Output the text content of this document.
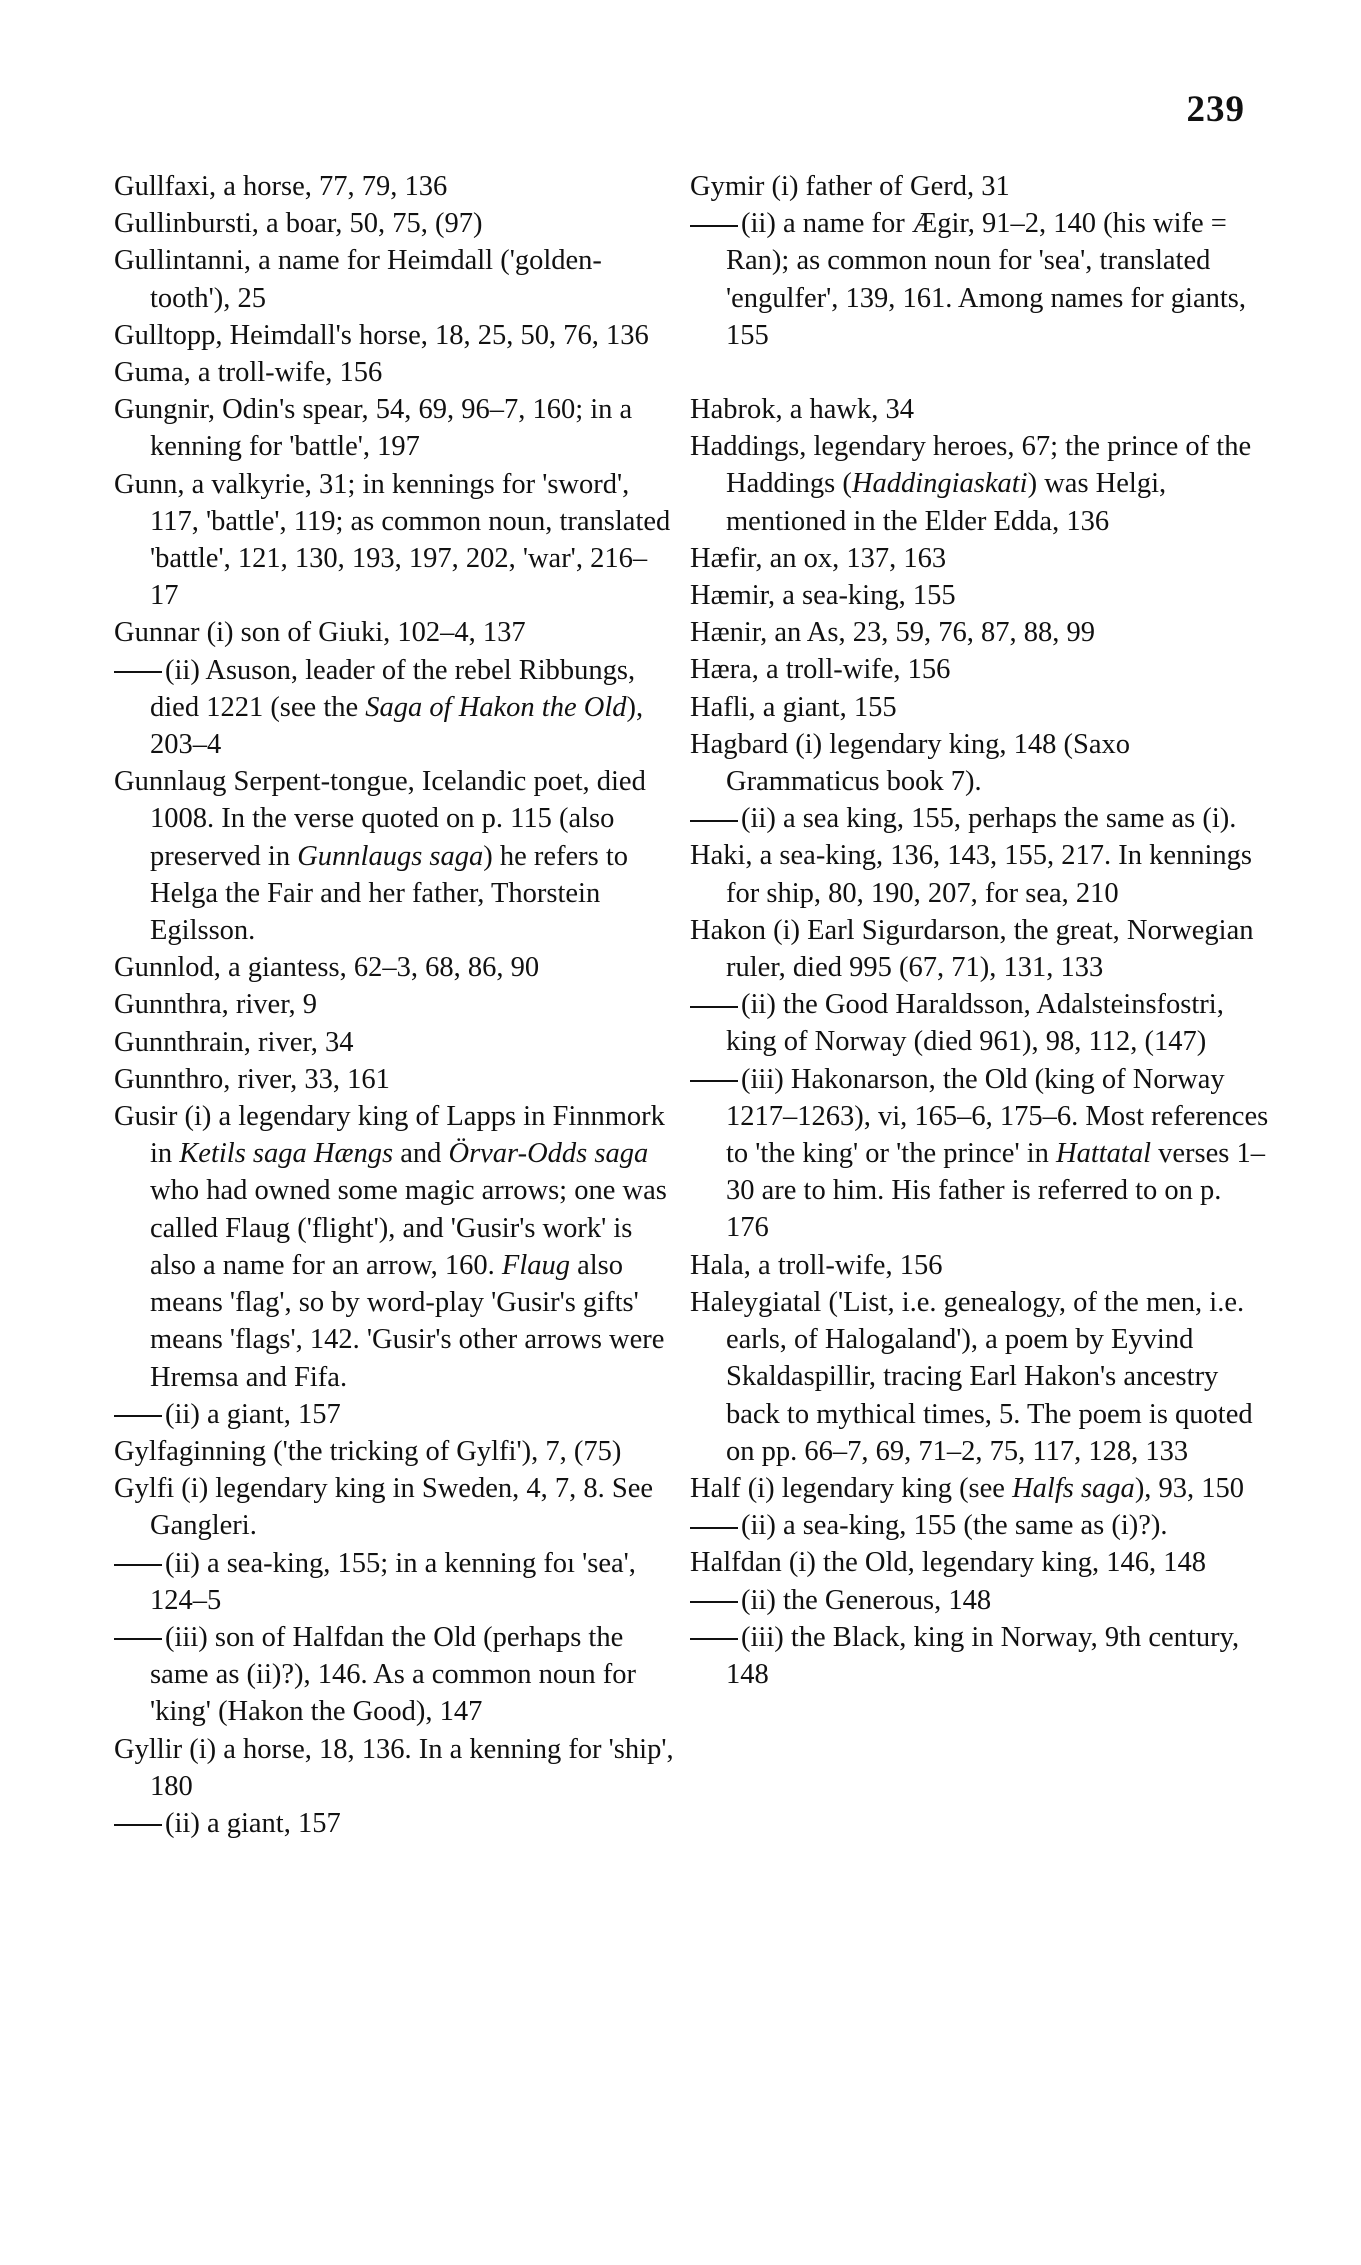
239
Gullfaxi, a horse, 77, 79, 136
Gullinbursti, a boar, 50, 75, (97)
Gullintanni, a name for Heimdall ('golden-tooth'), 25
Gulltopp, Heimdall's horse, 18, 25, 50, 76, 136
Guma, a troll-wife, 156
Gungnir, Odin's spear, 54, 69, 96–7, 160; in a kenning for 'battle', 197
Gunn, a valkyrie, 31; in kennings for 'sword', 117, 'battle', 119; as common noun, translated 'battle', 121, 130, 193, 197, 202, 'war', 216–17
Gunnar (i) son of Giuki, 102–4, 137
(ii) Asuson, leader of the rebel Ribbungs, died 1221 (see the Saga of Hakon the Old), 203–4
Gunnlaug Serpent-tongue, Icelandic poet, died 1008. In the verse quoted on p. 115 (also preserved in Gunnlaugs saga) he refers to Helga the Fair and her father, Thorstein Egilsson.
Gunnlod, a giantess, 62–3, 68, 86, 90
Gunnthra, river, 9
Gunnthrain, river, 34
Gunnthro, river, 33, 161
Gusir (i) a legendary king of Lapps in Finnmork in Ketils saga Hængs and Örvar-Odds saga who had owned some magic arrows; one was called Flaug ('flight'), and 'Gusir's work' is also a name for an arrow, 160. Flaug also means 'flag', so by word-play 'Gusir's gifts' means 'flags', 142. 'Gusir's other arrows were Hremsa and Fifa.
(ii) a giant, 157
Gylfaginning ('the tricking of Gylfi'), 7, (75)
Gylfi (i) legendary king in Sweden, 4, 7, 8. See Gangleri.
(ii) a sea-king, 155; in a kenning foı 'sea', 124–5
(iii) son of Halfdan the Old (perhaps the same as (ii)?), 146. As a common noun for 'king' (Hakon the Good), 147
Gyllir (i) a horse, 18, 136. In a kenning for 'ship', 180
(ii) a giant, 157
Gymir (i) father of Gerd, 31
(ii) a name for Ægir, 91–2, 140 (his wife = Ran); as common noun for 'sea', translated 'engulfer', 139, 161. Among names for giants, 155
Habrok, a hawk, 34
Haddings, legendary heroes, 67; the prince of the Haddings (Haddingiaskati) was Helgi, mentioned in the Elder Edda, 136
Hæfir, an ox, 137, 163
Hæmir, a sea-king, 155
Hænir, an As, 23, 59, 76, 87, 88, 99
Hæra, a troll-wife, 156
Hafli, a giant, 155
Hagbard (i) legendary king, 148 (Saxo Grammaticus book 7).
(ii) a sea king, 155, perhaps the same as (i).
Haki, a sea-king, 136, 143, 155, 217. In kennings for ship, 80, 190, 207, for sea, 210
Hakon (i) Earl Sigurdarson, the great, Norwegian ruler, died 995 (67, 71), 131, 133
(ii) the Good Haraldsson, Adalsteinsfostri, king of Norway (died 961), 98, 112, (147)
(iii) Hakonarson, the Old (king of Norway 1217–1263), vi, 165–6, 175–6. Most references to 'the king' or 'the prince' in Hattatal verses 1–30 are to him. His father is referred to on p. 176
Hala, a troll-wife, 156
Haleygiatal ('List, i.e. genealogy, of the men, i.e. earls, of Halogaland'), a poem by Eyvind Skaldaspillir, tracing Earl Hakon's ancestry back to mythical times, 5. The poem is quoted on pp. 66–7, 69, 71–2, 75, 117, 128, 133
Half (i) legendary king (see Halfs saga), 93, 150
(ii) a sea-king, 155 (the same as (i)?).
Halfdan (i) the Old, legendary king, 146, 148
(ii) the Generous, 148
(iii) the Black, king in Norway, 9th century, 148
